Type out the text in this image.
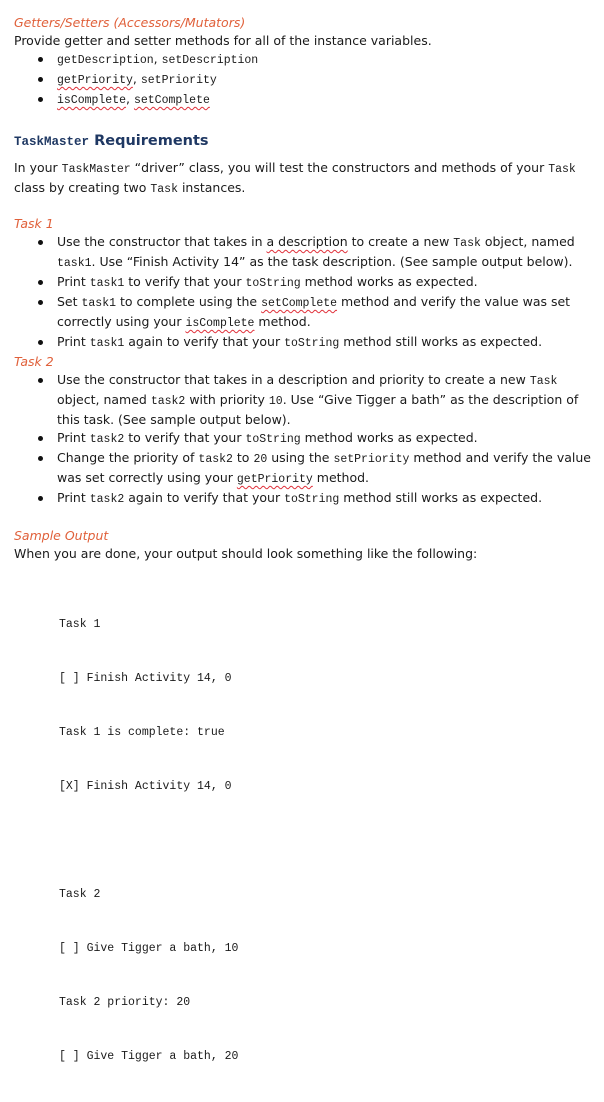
Getters/Setters (Accessors/Mutators)

Provide getter and setter methods for all of the instance variables.

getDescription, setDescription
getPriority, setPriority
isComplete, setComplete

TaskMaster Requirements

In your TaskMaster “driver” class, you will test the constructors and methods of your Task class by creating two Task instances.

Task 1

Use the constructor that takes in a description to create a new Task object, named task1. Use “Finish Activity 14” as the task description. (See sample output below).
Print task1 to verify that your toString method works as expected.
Set task1 to complete using the setComplete method and verify the value was set correctly using your isComplete method.
Print task1 again to verify that your toString method still works as expected.

Task 2

Use the constructor that takes in a description and priority to create a new Task object, named task2 with priority 10. Use “Give Tigger a bath” as the description of this task. (See sample output below).
Print task2 to verify that your toString method works as expected.
Change the priority of task2 to 20 using the setPriority method and verify the value was set correctly using your getPriority method.
Print task2 again to verify that your toString method still works as expected.

Sample Output

When you are done, your output should look something like the following:

Task 1

[ ] Finish Activity 14, 0

Task 1 is complete: true

[X] Finish Activity 14, 0

Task 2

[ ] Give Tigger a bath, 10

Task 2 priority: 20

[ ] Give Tigger a bath, 20
